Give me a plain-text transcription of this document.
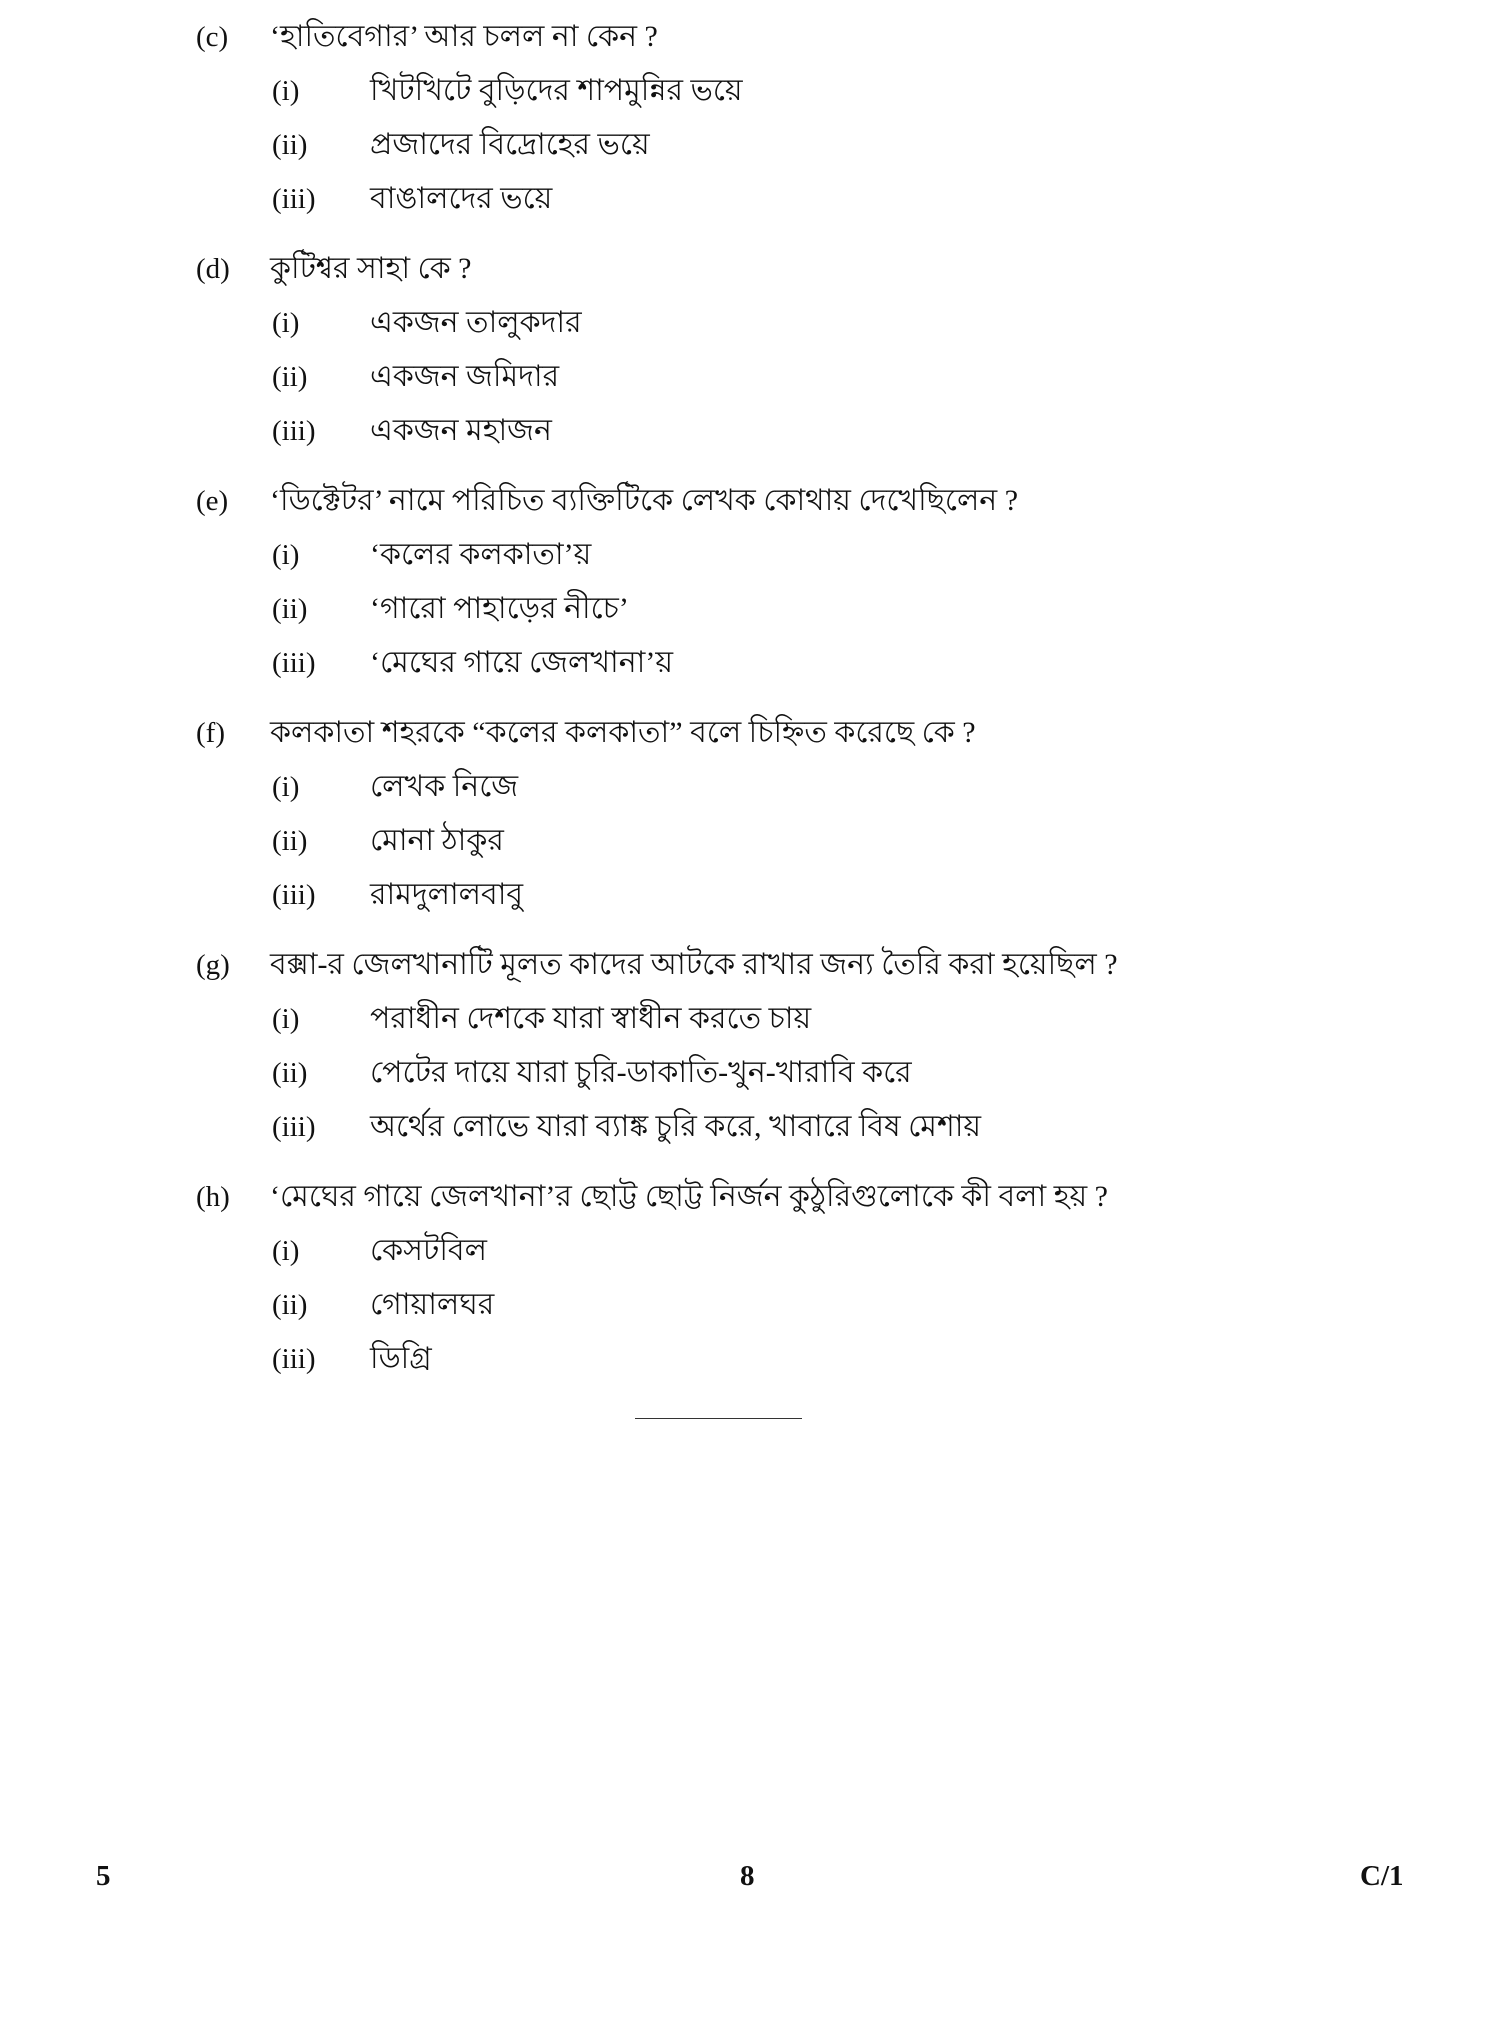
(c) ‘হাতিবেগার’ আর চলল না কেন ?
(i) খিটখিটে বুড়িদের শাপমুন্নির ভয়ে
(ii) প্রজাদের বিদ্রোহের ভয়ে
(iii) বাঙালদের ভয়ে
(d) কুটিশ্বর সাহা কে ?
(i) একজন তালুকদার
(ii) একজন জমিদার
(iii) একজন মহাজন
(e) ‘ডিক্টেটর’ নামে পরিচিত ব্যক্তিটিকে লেখক কোথায় দেখেছিলেন ?
(i) ‘কলের কলকাতা’য়
(ii) ‘গারো পাহাড়ের নীচে’
(iii) ‘মেঘের গায়ে জেলখানা’য়
(f) কলকাতা শহরকে “কলের কলকাতা” বলে চিহ্নিত করেছে কে ?
(i) লেখক নিজে
(ii) মোনা ঠাকুর
(iii) রামদুলালবাবু
(g) বক্সা-র জেলখানাটি মূলত কাদের আটকে রাখার জন্য তৈরি করা হয়েছিল ?
(i) পরাধীন দেশকে যারা স্বাধীন করতে চায়
(ii) পেটের দায়ে যারা চুরি-ডাকাতি-খুন-খারাবি করে
(iii) অর্থের লোভে যারা ব্যাঙ্ক চুরি করে, খাবারে বিষ মেশায়
(h) ‘মেঘের গায়ে জেলখানা’র ছোট্ট ছোট্ট নির্জন কুঠুরিগুলোকে কী বলা হয় ?
(i) কেসটবিল
(ii) গোয়ালঘর
(iii) ডিগ্রি
5	8	C/1
